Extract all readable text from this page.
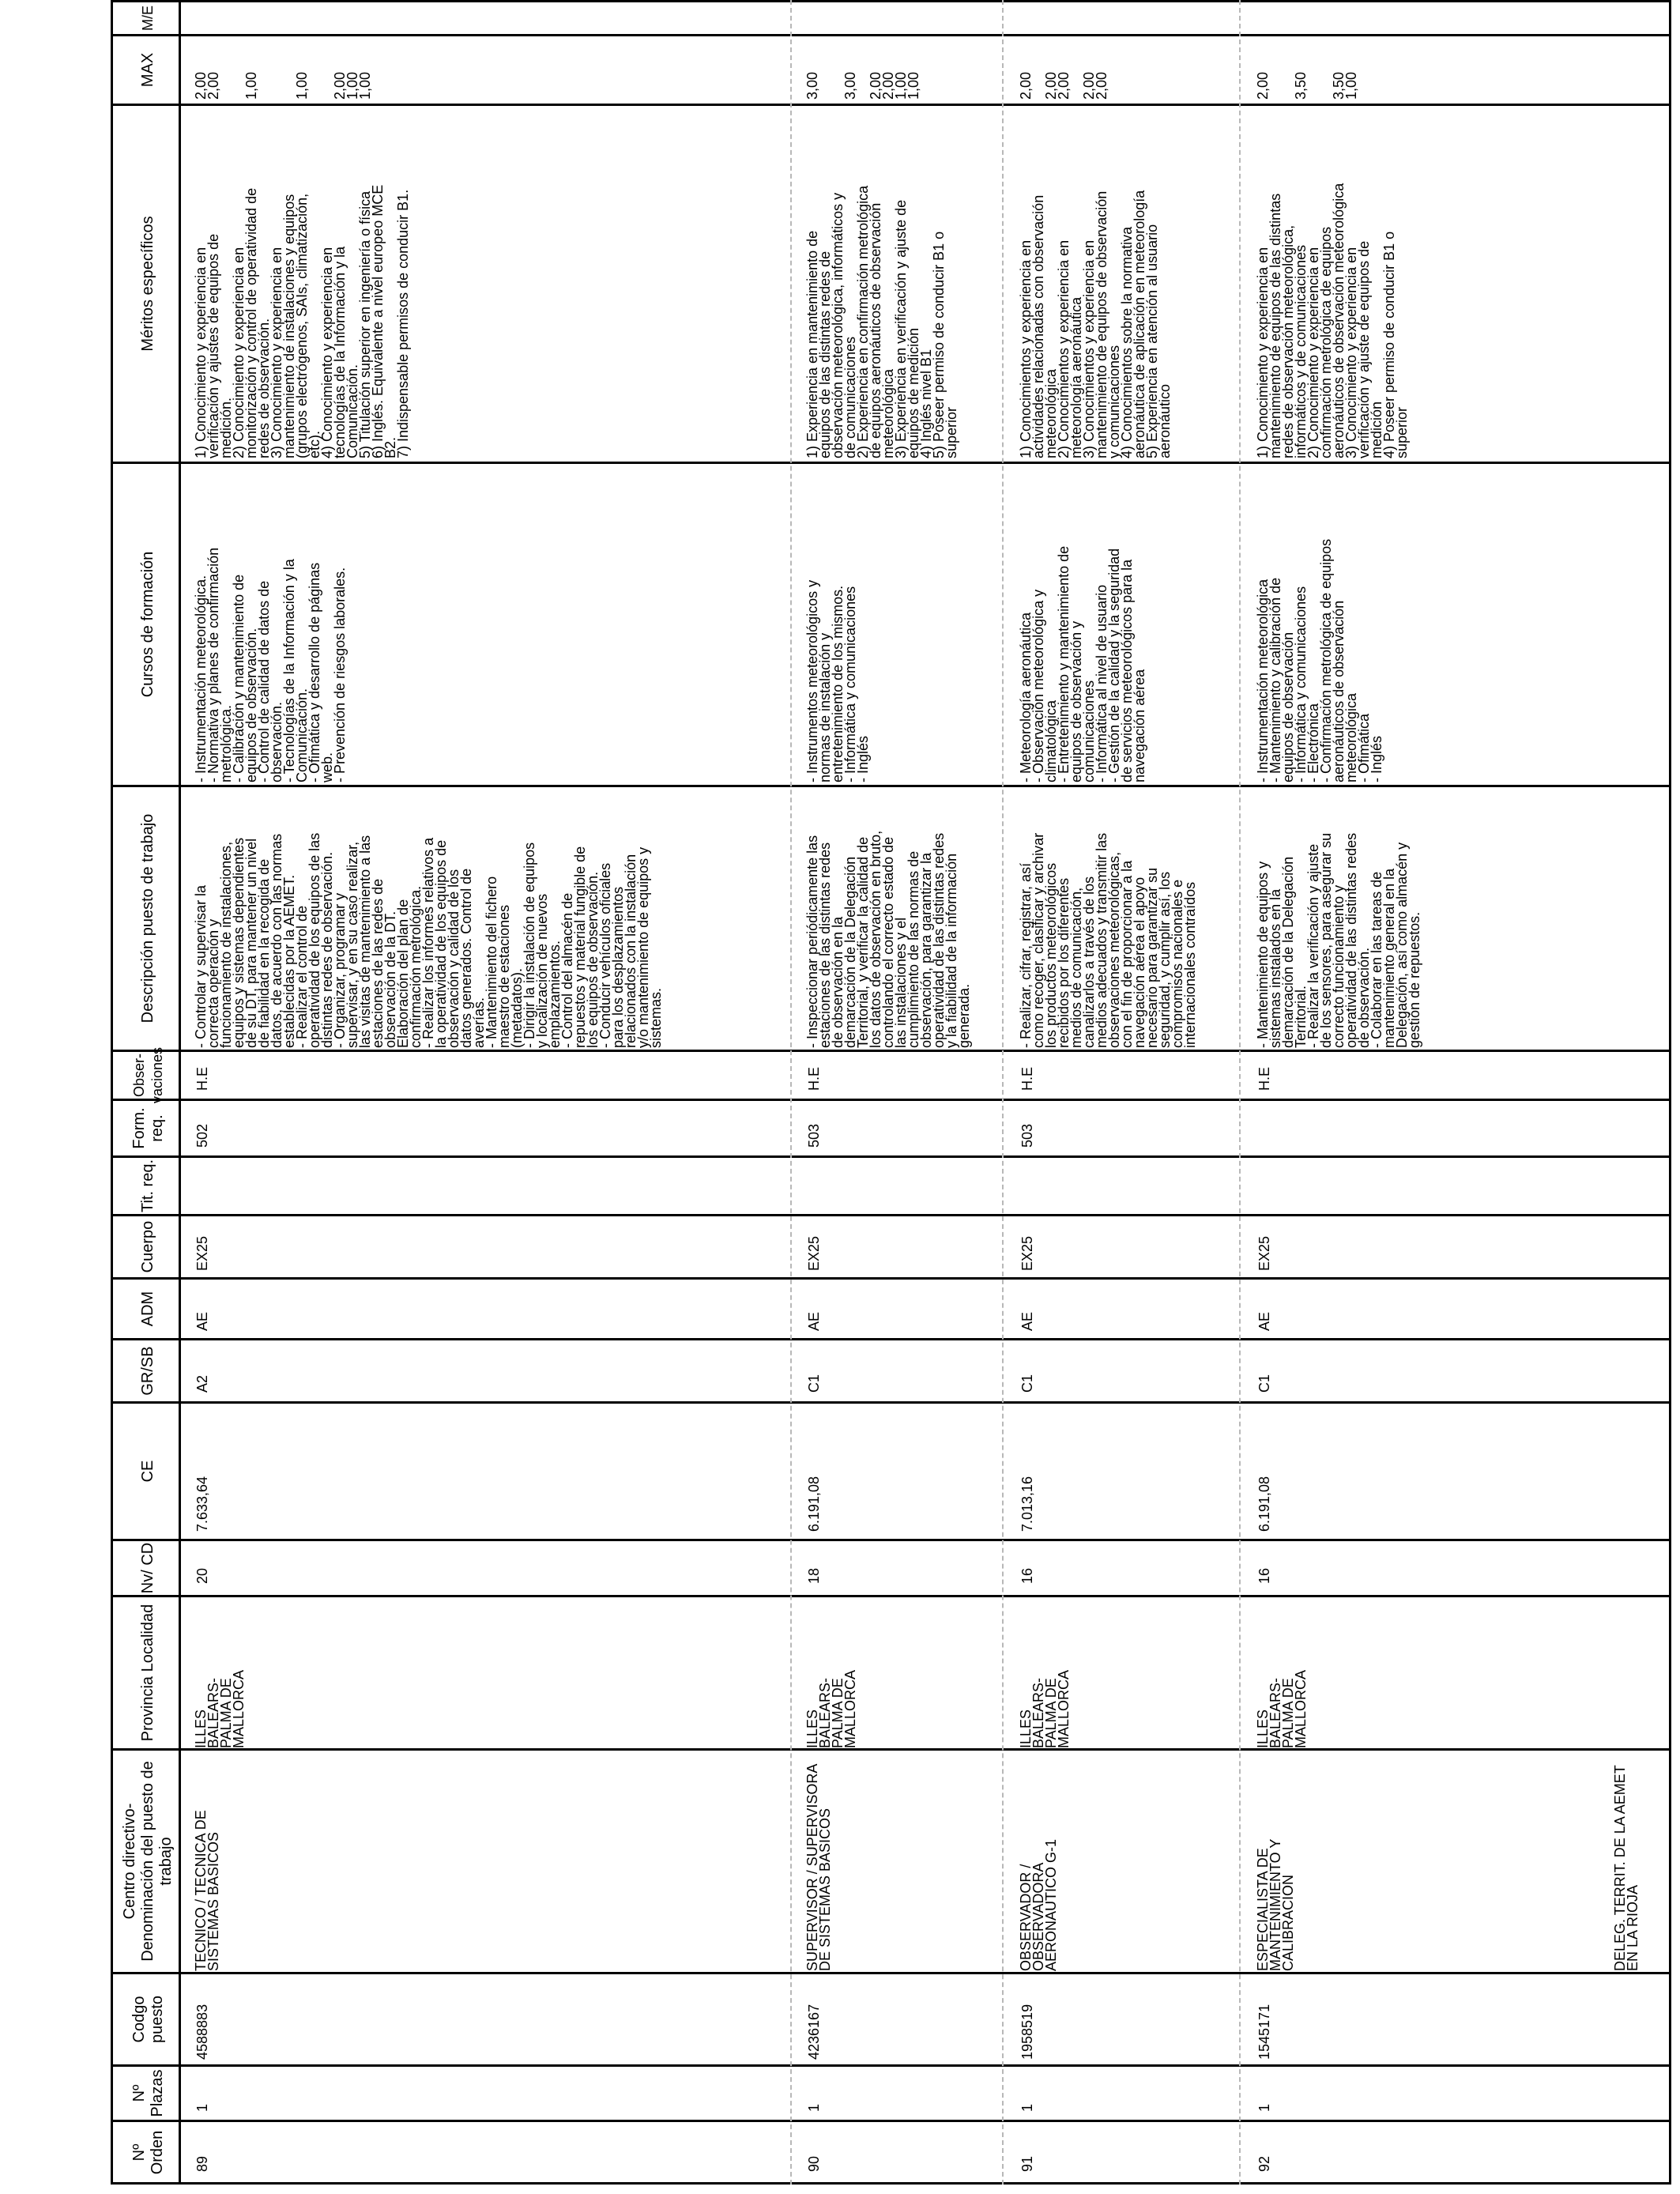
Nº Orden
Nº Plazas
Codgo puesto
Centro directivo- Denominación del puesto de trabajo
Provincia Localidad
Nv/ CD
CE
GR/SB
ADM
Cuerpo
Tit. req.
Form. req.
Obser- vaciones
Descripción puesto de trabajo
Cursos de formación
Méritos específicos
MAX
M/E
89
1
4588883
TECNICO / TECNICA DE
SISTEMAS BASICOS
ILLES
BALEARS-
PALMA DE
MALLORCA
20
7.633,64
A2
AE
EX25
502
H.E
- Controlar y supervisar la
correcta operación y
funcionamiento de instalaciones,
equipos y sistemas dependientes
de su DT, para mantener un nivel
de fiabilidad en la recogida de
datos, de acuerdo con las normas
establecidas por la AEMET.
- Realizar el control de
operatividad de los equipos de las
distintas redes de observación.
- Organizar, programar y
supervisar, y en su caso realizar,
las visitas de mantenimiento a las
estaciones de las redes de
observación de la DT.
Elaboración del plan de
confirmación metrológica.
- Realizar los informes relativos a
la operatividad de los equipos de
observación y calidad de los
datos generados. Control de
averías.
- Mantenimiento del fichero
maestro de estaciones
(metadatos).
- Dirigir la instalación de equipos
y localización de nuevos
emplazamientos.
- Control del almacén de
repuestos y material fungible de
los equipos de observación.
- Conducir vehículos oficiales
para los desplazamientos
relacionados con la instalación
y/o mantenimiento de equipos y
sistemas.
- Instrumentación meteorológica.
- Normativa y planes de confirmación
metrológica.
- Calibración y mantenimiento de
equipos de observación.
- Control de calidad de datos de
observación.
- Tecnologías de la Información y la
Comunicación.
- Ofimática y desarrollo de páginas
web.
- Prevención de riesgos laborales.
1) Conocimiento y experiencia en
verificación y ajustes de equipos de
medición.
2) Conocimiento y experiencia en
monitorización y control de operatividad de
redes de observación.
3) Conocimiento y experiencia en
mantenimiento de instalaciones y equipos
(grupos electrógenos, SAIs, climatización,
etc).
4) Conocimiento y experiencia en
tecnologías de la Información y la
Comunicación.
5) Titulación superior en ingeniería o física
6) Inglés. Equivalente a nivel europeo MCE
B2.
7) Indispensable permisos de conducir B1.
2,00
2,00

1,00

1,00

2,00
1,00
1,00
90
1
4236167
SUPERVISOR / SUPERVISORA
DE SISTEMAS BASICOS
ILLES
BALEARS-
PALMA DE
MALLORCA
18
6.191,08
C1
AE
EX25
503
H.E
- Inspeccionar periódicamente las
estaciones de las distintas redes
de observación en la
demarcación de la Delegación
Territorial, y verificar la calidad de
los datos de observación en bruto,
controlando el correcto estado de
las instalaciones y el
cumplimiento de las normas de
observación, para garantizar la
operatividad de las distintas redes
y la fiabilidad de la información
generada.
- Instrumentos meteorológicos y
normas de instalación y
entretenimiento de los mismos.
- Informática y comunicaciones
- Inglés
1) Experiencia en mantenimiento de
equipos de las distintas redes de
observación meteorológica, informáticos y
de comunicaciones
2) Experiencia en confirmación metrológica
de equipos aeronáuticos de observación
meteorológica
3) Experiencia en verificación y ajuste de
equipos de medición
4) Inglés nivel B1
5) Poseer permiso de conducir B1 o
superior
3,00

3,00

2,00
2,00
1,00
1,00
91
1
1958519
OBSERVADOR /
OBSERVADORA
AERONAUTICO G-1
ILLES
BALEARS-
PALMA DE
MALLORCA
16
7.013,16
C1
AE
EX25
503
H.E
- Realizar, cifrar, registrar, así
como recoger, clasificar y archivar
los productos meteorológicos
recibidos por los diferentes
medios de comunicación,
canalizarlos a través de los
medios adecuados y transmitir las
observaciones meteorológicas,
con el fin de proporcionar a la
navegación aérea el apoyo
necesario para garantizar su
seguridad, y cumplir así, los
compromisos nacionales e
internacionales contraídos
- Meteorología aeronáutica
- Observación meteorológica y
climatológica
- Entretenimiento y mantenimiento de
equipos de observación y
comunicaciones
- Informática al nivel de usuario
- Gestión de la calidad y la seguridad
de servicios meteorológicos para la
navegación aérea
1) Conocimientos y experiencia en
actividades relacionadas con observación
meteorológica
2) Conocimientos y experiencia en
meteorología aeronáutica
3) Conocimientos y experiencia en
mantenimiento de equipos de observación
y comunicaciones
4) Conocimientos sobre la normativa
aeronáutica de aplicación en meteorología
5) Experiencia en atención al usuario
aeronáutico
2,00

2,00
2,00

2,00
2,00
92
1
1545171
ESPECIALISTA DE
MANTENIMIENTO Y
CALIBRACION
ILLES
BALEARS-
PALMA DE
MALLORCA
16
6.191,08
C1
AE
EX25
H.E
- Mantenimiento de equipos y
sistemas instalados en la
demarcación de la Delegación
Territorial.
- Realizar la verificación y ajuste
de los sensores, para asegurar su
correcto funcionamiento y
operatividad de las distintas redes
de observación.
- Colaborar en las tareas de
mantenimiento general en la
Delegación, así como almacén y
gestión de repuestos.
- Instrumentación meteorológica
- Mantenimiento y calibración de
equipos de observación
- Informática y comunicaciones
- Electrónica
- Confirmación metrológica de equipos
aeronáuticos de observación
meteorológica
- Ofimática
- Inglés
1) Conocimiento y experiencia en
mantenimiento de equipos de las distintas
redes de observación meteorológica,
informáticos y de comunicaciones
2) Conocimiento y experiencia en
confirmación metrológica de equipos
aeronáuticos de observación meteorológica
3) Conocimiento y experiencia en
verificación y ajuste de equipos de
medición
4) Poseer permiso de conducir B1 o
superior
2,00

3,50

3,50
1,00
DELEG. TERRIT. DE LA AEMET
EN LA RIOJA
